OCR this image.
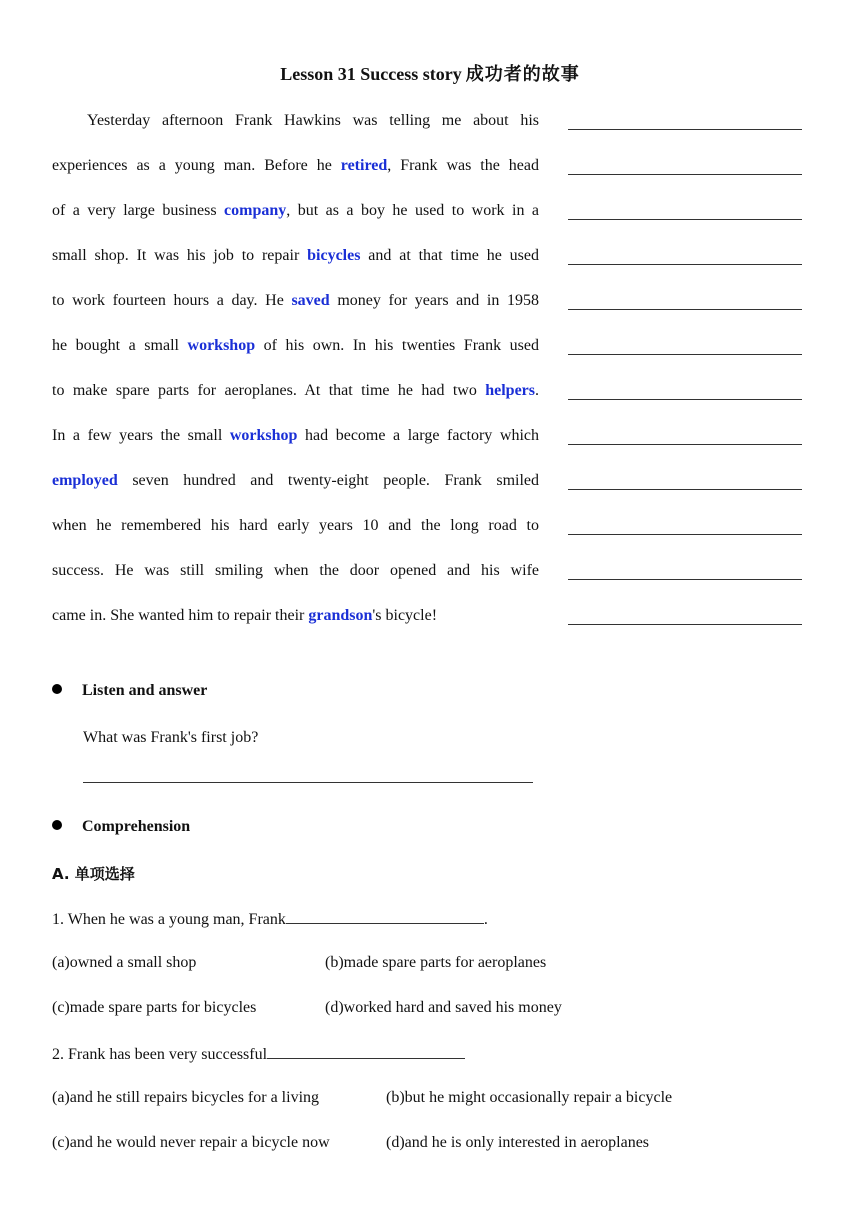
Lesson 31 Success story 成功者的故事
Yesterday afternoon Frank Hawkins was telling me about his
experiences as a young man. Before he retired, Frank was the head
of a very large business company, but as a boy he used to work in a
small shop. It was his job to repair bicycles and at that time he used
to work fourteen hours a day. He saved money for years and in 1958
he bought a small workshop of his own. In his twenties Frank used
to make spare parts for aeroplanes. At that time he had two helpers.
In a few years the small workshop had become a large factory which
employed seven hundred and twenty-eight people. Frank smiled
when he remembered his hard early years 10 and the long road to
success. He was still smiling when the door opened and his wife
came in. She wanted him to repair their grandson's bicycle!
Listen and answer
What was Frank's first job?
Comprehension
A. 单项选择
1. When he was a young man, Frank	.
(a)owned a small shop	(b)made spare parts for aeroplanes
(c)made spare parts for bicycles	(d)worked hard and saved his money
2. Frank has been very successful
(a)and he still repairs bicycles for a living	(b)but he might occasionally repair a bicycle
(c)and he would never repair a bicycle now	(d)and he is only interested in aeroplanes
